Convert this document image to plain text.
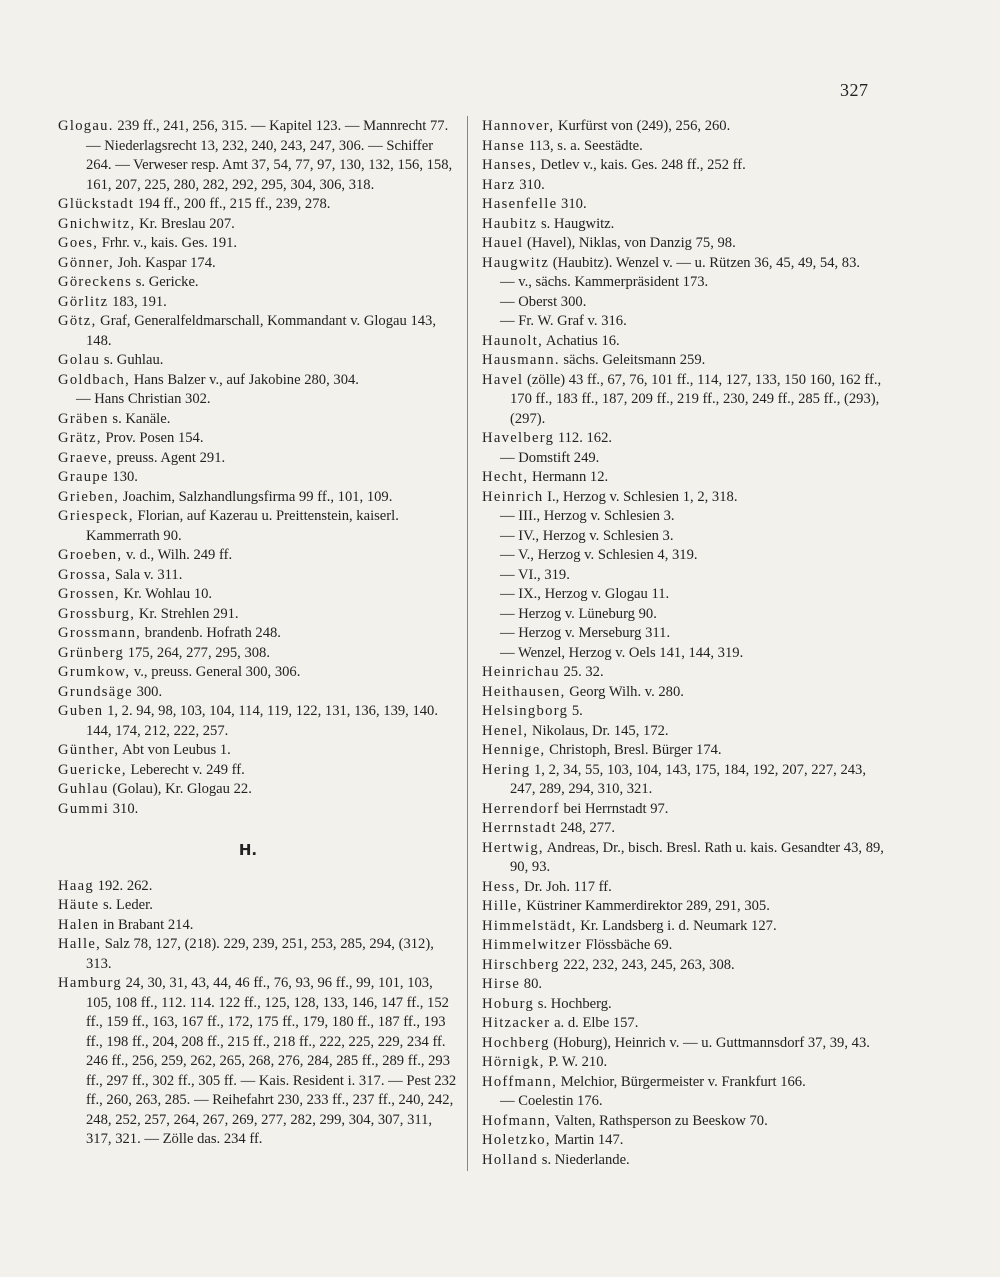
327
Glogau. 239 ff., 241, 256, 315. — Kapitel 123. — Mannrecht 77. — Niederlagsrecht 13, 232, 240, 243, 247, 306. — Schiffer 264. — Verweser resp. Amt 37, 54, 77, 97, 130, 132, 156, 158, 161, 207, 225, 280, 282, 292, 295, 304, 306, 318.
Glückstadt 194 ff., 200 ff., 215 ff., 239, 278.
Gnichwitz, Kr. Breslau 207.
Goes, Frhr. v., kais. Ges. 191.
Gönner, Joh. Kaspar 174.
Göreckens s. Gericke.
Görlitz 183, 191.
Götz, Graf, Generalfeldmarschall, Kommandant v. Glogau 143, 148.
Golau s. Guhlau.
Goldbach, Hans Balzer v., auf Jakobine 280, 304.
— Hans Christian 302.
Gräben s. Kanäle.
Grätz, Prov. Posen 154.
Graeve, preuss. Agent 291.
Graupe 130.
Grieben, Joachim, Salzhandlungsfirma 99 ff., 101, 109.
Griespeck, Florian, auf Kazerau u. Preittenstein, kaiserl. Kammerrath 90.
Groeben, v. d., Wilh. 249 ff.
Grossa, Sala v. 311.
Grossen, Kr. Wohlau 10.
Grossburg, Kr. Strehlen 291.
Grossmann, brandenb. Hofrath 248.
Grünberg 175, 264, 277, 295, 308.
Grumkow, v., preuss. General 300, 306.
Grundsäge 300.
Guben 1, 2. 94, 98, 103, 104, 114, 119, 122, 131, 136, 139, 140. 144, 174, 212, 222, 257.
Günther, Abt von Leubus 1.
Guericke, Leberecht v. 249 ff.
Guhlau (Golau), Kr. Glogau 22.
Gummi 310.
H.
Haag 192. 262.
Häute s. Leder.
Halen in Brabant 214.
Halle, Salz 78, 127, (218). 229, 239, 251, 253, 285, 294, (312), 313.
Hamburg 24, 30, 31, 43, 44, 46 ff., 76, 93, 96 ff., 99, 101, 103, 105, 108 ff., 112. 114. 122 ff., 125, 128, 133, 146, 147 ff., 152 ff., 159 ff., 163, 167 ff., 172, 175 ff., 179, 180 ff., 187 ff., 193 ff., 198 ff., 204, 208 ff., 215 ff., 218 ff., 222, 225, 229, 234 ff. 246 ff., 256, 259, 262, 265, 268, 276, 284, 285 ff., 289 ff., 293 ff., 297 ff., 302 ff., 305 ff. — Kais. Resident i. 317. — Pest 232 ff., 260, 263, 285. — Reihefahrt 230, 233 ff., 237 ff., 240, 242, 248, 252, 257, 264, 267, 269, 277, 282, 299, 304, 307, 311, 317, 321. — Zölle das. 234 ff.
Hannover, Kurfürst von (249), 256, 260.
Hanse 113, s. a. Seestädte.
Hanses, Detlev v., kais. Ges. 248 ff., 252 ff.
Harz 310.
Hasenfelle 310.
Haubitz s. Haugwitz.
Hauel (Havel), Niklas, von Danzig 75, 98.
Haugwitz (Haubitz). Wenzel v. — u. Rützen 36, 45, 49, 54, 83.
— v., sächs. Kammerpräsident 173.
— Oberst 300.
— Fr. W. Graf v. 316.
Haunolt, Achatius 16.
Hausmann. sächs. Geleitsmann 259.
Havel (zölle) 43 ff., 67, 76, 101 ff., 114, 127, 133, 150 160, 162 ff., 170 ff., 183 ff., 187, 209 ff., 219 ff., 230, 249 ff., 285 ff., (293), (297).
Havelberg 112. 162.
— Domstift 249.
Hecht, Hermann 12.
Heinrich I., Herzog v. Schlesien 1, 2, 318.
— III., Herzog v. Schlesien 3.
— IV., Herzog v. Schlesien 3.
— V., Herzog v. Schlesien 4, 319.
— VI., 319.
— IX., Herzog v. Glogau 11.
— Herzog v. Lüneburg 90.
— Herzog v. Merseburg 311.
— Wenzel, Herzog v. Oels 141, 144, 319.
Heinrichau 25. 32.
Heithausen, Georg Wilh. v. 280.
Helsingborg 5.
Henel, Nikolaus, Dr. 145, 172.
Hennige, Christoph, Bresl. Bürger 174.
Hering 1, 2, 34, 55, 103, 104, 143, 175, 184, 192, 207, 227, 243, 247, 289, 294, 310, 321.
Herrendorf bei Herrnstadt 97.
Herrnstadt 248, 277.
Hertwig, Andreas, Dr., bisch. Bresl. Rath u. kais. Gesandter 43, 89, 90, 93.
Hess, Dr. Joh. 117 ff.
Hille, Küstriner Kammerdirektor 289, 291, 305.
Himmelstädt, Kr. Landsberg i. d. Neumark 127.
Himmelwitzer Flössbäche 69.
Hirschberg 222, 232, 243, 245, 263, 308.
Hirse 80.
Hoburg s. Hochberg.
Hitzacker a. d. Elbe 157.
Hochberg (Hoburg), Heinrich v. — u. Guttmannsdorf 37, 39, 43.
Hörnigk, P. W. 210.
Hoffmann, Melchior, Bürgermeister v. Frankfurt 166.
— Coelestin 176.
Hofmann, Valten, Rathsperson zu Beeskow 70.
Holetzko, Martin 147.
Holland s. Niederlande.
